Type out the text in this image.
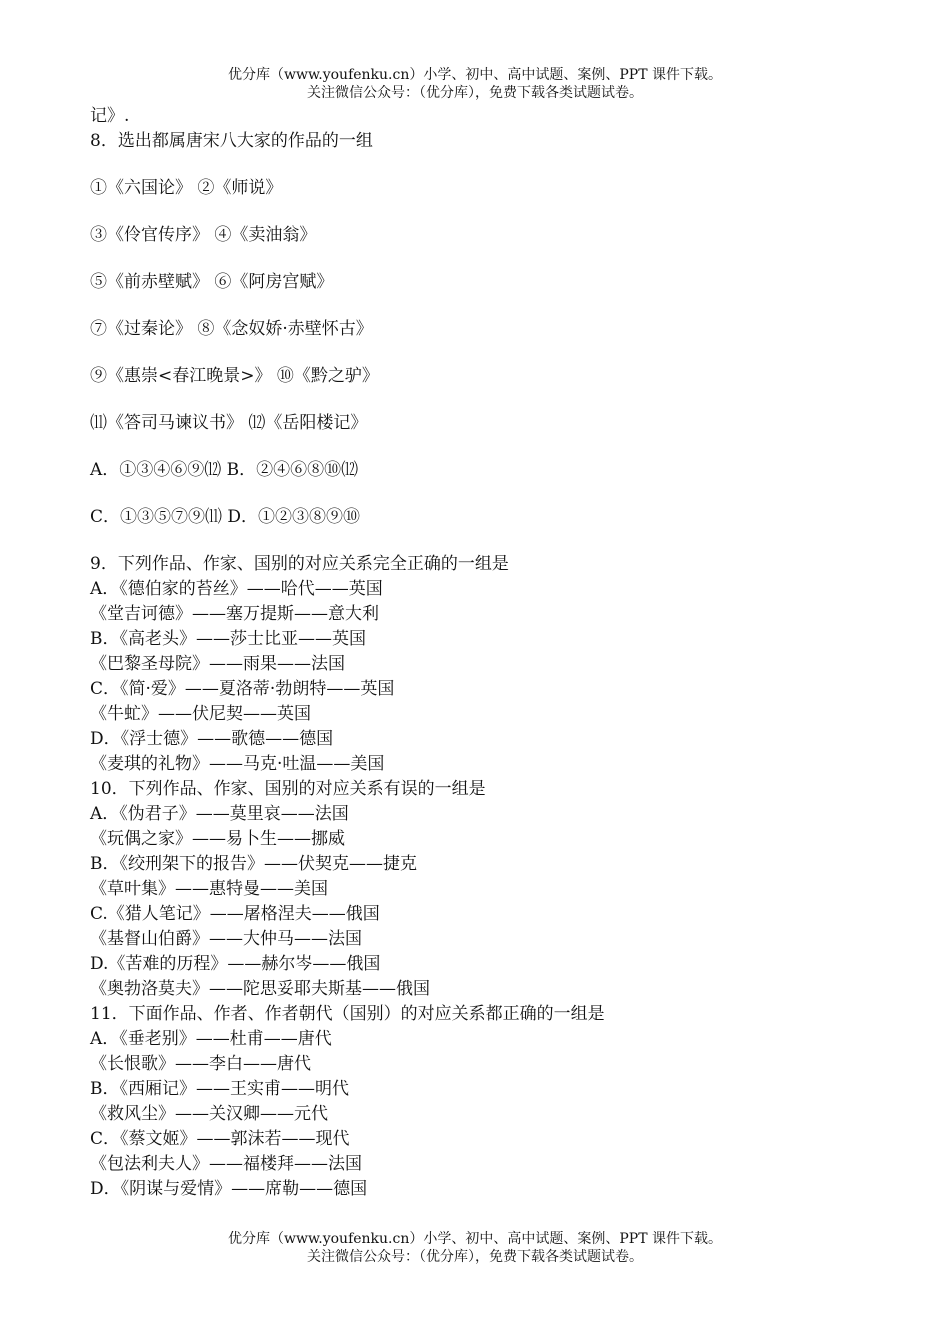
优分库（www.youfenku.cn）小学、初中、高中试题、案例、PPT 课件下载。
关注微信公众号：（优分库），免费下载各类试题试卷。
记》.
8．选出都属唐宋八大家的作品的一组
①《六国论》 ②《师说》
③《伶官传序》 ④《卖油翁》
⑤《前赤壁赋》 ⑥《阿房宫赋》
⑦《过秦论》 ⑧《念奴娇·赤壁怀古》
⑨《惠崇<春江晚景>》 ⑩《黔之驴》
⑾《答司马谏议书》 ⑿《岳阳楼记》
A．①③④⑥⑨⑿ B．②④⑥⑧⑩⑿
C．①③⑤⑦⑨⑾ D．①②③⑧⑨⑩
9．下列作品、作家、国别的对应关系完全正确的一组是
A．《德伯家的苔丝》——哈代——英国
《堂吉诃德》——塞万提斯——意大利
B．《高老头》——莎士比亚——英国
《巴黎圣母院》——雨果——法国
C．《简·爱》——夏洛蒂·勃朗特——英国
《牛虻》——伏尼契——英国
D．《浮士德》——歌德——德国
《麦琪的礼物》——马克·吐温——美国
10．下列作品、作家、国别的对应关系有误的一组是
A．《伪君子》——莫里哀——法国
《玩偶之家》——易卜生——挪威
B．《绞刑架下的报告》——伏契克——捷克
《草叶集》——惠特曼——美国
C.《猎人笔记》——屠格涅夫——俄国
《基督山伯爵》——大仲马——法国
D.《苦难的历程》——赫尔岑——俄国
《奥勃洛莫夫》——陀思妥耶夫斯基——俄国
11．下面作品、作者、作者朝代（国别）的对应关系都正确的一组是
A．《垂老别》——杜甫——唐代
《长恨歌》——李白——唐代
B．《西厢记》——王实甫——明代
《救风尘》——关汉卿——元代
C．《蔡文姬》——郭沫若——现代
《包法利夫人》——福楼拜——法国
D．《阴谋与爱情》——席勒——德国
优分库（www.youfenku.cn）小学、初中、高中试题、案例、PPT 课件下载。
关注微信公众号：（优分库），免费下载各类试题试卷。
